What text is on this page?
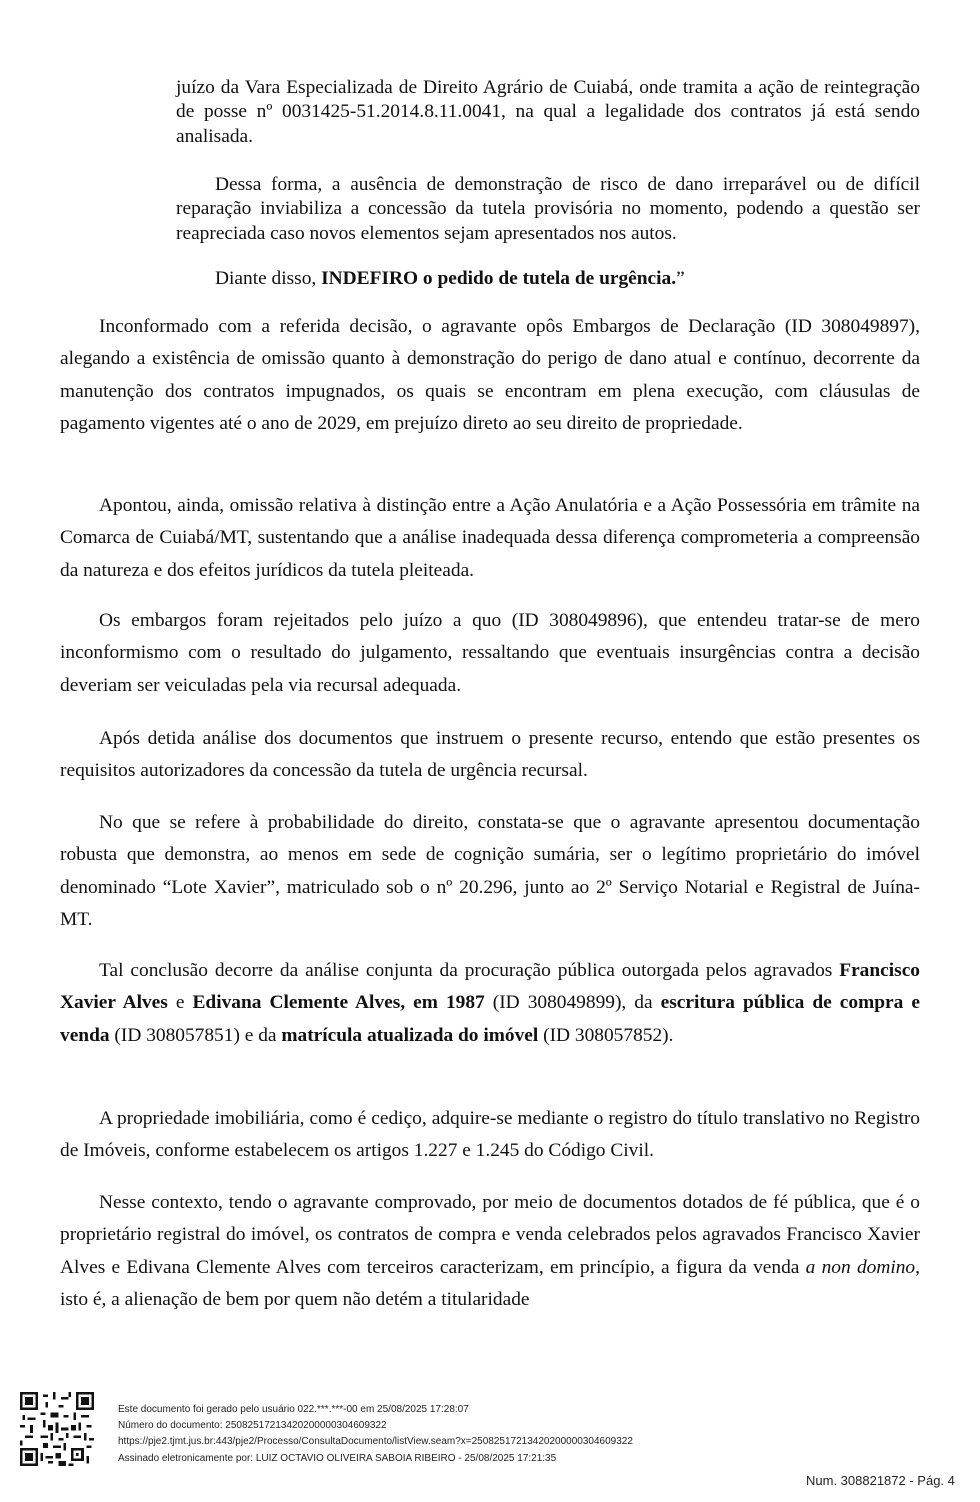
juízo da Vara Especializada de Direito Agrário de Cuiabá, onde tramita a ação de reintegração de posse nº 0031425-51.2014.8.11.0041, na qual a legalidade dos contratos já está sendo analisada.

Dessa forma, a ausência de demonstração de risco de dano irreparável ou de difícil reparação inviabiliza a concessão da tutela provisória no momento, podendo a questão ser reapreciada caso novos elementos sejam apresentados nos autos.

Diante disso, INDEFIRO o pedido de tutela de urgência.”

Inconformado com a referida decisão, o agravante opôs Embargos de Declaração (ID 308049897), alegando a existência de omissão quanto à demonstração do perigo de dano atual e contínuo, decorrente da manutenção dos contratos impugnados, os quais se encontram em plena execução, com cláusulas de pagamento vigentes até o ano de 2029, em prejuízo direto ao seu direito de propriedade.

Apontou, ainda, omissão relativa à distinção entre a Ação Anulatória e a Ação Possessória em trâmite na Comarca de Cuiabá/MT, sustentando que a análise inadequada dessa diferença comprometeria a compreensão da natureza e dos efeitos jurídicos da tutela pleiteada.

Os embargos foram rejeitados pelo juízo a quo (ID 308049896), que entendeu tratar-se de mero inconformismo com o resultado do julgamento, ressaltando que eventuais insurgências contra a decisão deveriam ser veiculadas pela via recursal adequada.

Após detida análise dos documentos que instruem o presente recurso, entendo que estão presentes os requisitos autorizadores da concessão da tutela de urgência recursal.

No que se refere à probabilidade do direito, constata-se que o agravante apresentou documentação robusta que demonstra, ao menos em sede de cognição sumária, ser o legítimo proprietário do imóvel denominado “Lote Xavier”, matriculado sob o nº 20.296, junto ao 2º Serviço Notarial e Registral de Juína-MT.

Tal conclusão decorre da análise conjunta da procuração pública outorgada pelos agravados Francisco Xavier Alves e Edivana Clemente Alves, em 1987 (ID 308049899), da escritura pública de compra e venda (ID 308057851) e da matrícula atualizada do imóvel (ID 308057852).

A propriedade imobiliária, como é cediço, adquire-se mediante o registro do título translativo no Registro de Imóveis, conforme estabelecem os artigos 1.227 e 1.245 do Código Civil.

Nesse contexto, tendo o agravante comprovado, por meio de documentos dotados de fé pública, que é o proprietário registral do imóvel, os contratos de compra e venda celebrados pelos agravados Francisco Xavier Alves e Edivana Clemente Alves com terceiros caracterizam, em princípio, a figura da venda a non domino, isto é, a alienação de bem por quem não detém a titularidade

Este documento foi gerado pelo usuário 022.***.***-00 em 25/08/2025 17:28:07
Número do documento: 25082517213420200000304609322
https://pje2.tjmt.jus.br:443/pje2/Processo/ConsultaDocumento/listView.seam?x=25082517213420200000304609322
Assinado eletronicamente por: LUIZ OCTAVIO OLIVEIRA SABOIA RIBEIRO - 25/08/2025 17:21:35
Num. 308821872 - Pág. 4
